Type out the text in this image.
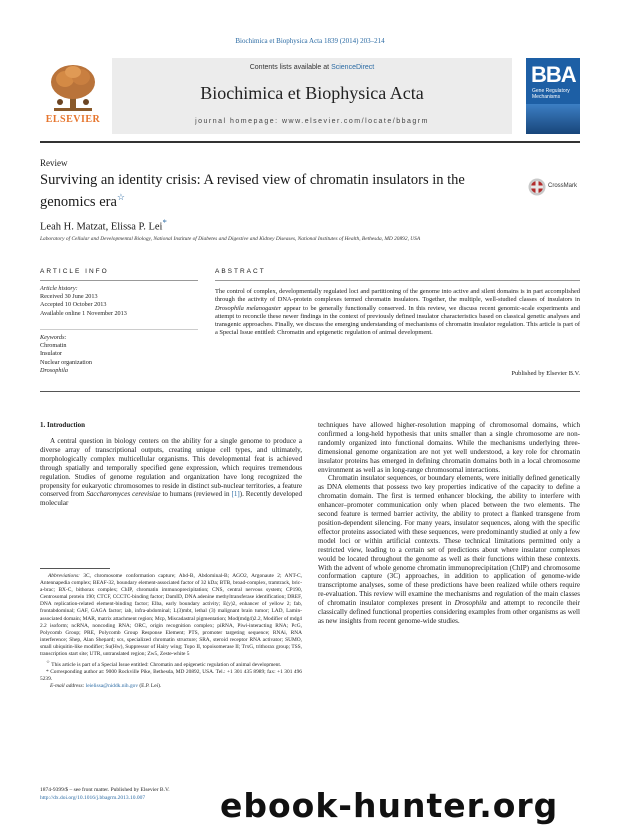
Biochimica et Biophysica Acta 1839 (2014) 203–214
ELSEVIER
Contents lists available at ScienceDirect
Biochimica et Biophysica Acta
journal homepage: www.elsevier.com/locate/bbagrm
BBA
Gene Regulatory Mechanisms
Review
Surviving an identity crisis: A revised view of chromatin insulators in the
genomics era☆
CrossMark
Leah H. Matzat, Elissa P. Lei*
Laboratory of Cellular and Developmental Biology, National Institute of Diabetes and Digestive and Kidney Diseases, National Institutes of Health, Bethesda, MD 20892, USA
ARTICLE INFO
Article history:
Received 30 June 2013
Accepted 10 October 2013
Available online 1 November 2013
Keywords:
Chromatin
Insulator
Nuclear organization
Drosophila
ABSTRACT
The control of complex, developmentally regulated loci and partitioning of the genome into active and silent domains is in part accomplished through the activity of DNA-protein complexes termed chromatin insulators. Together, the multiple, well-studied classes of insulators in Drosophila melanogaster appear to be generally functionally conserved. In this review, we discuss recent genomic-scale experiments and attempt to reconcile these newer findings in the context of previously defined insulator characteristics based on classical genetic analyses and transgenic approaches. Finally, we discuss the emerging understanding of mechanisms of chromatin insulator regulation. This article is part of a Special Issue entitled: Chromatin and epigenetic regulation of animal development.
Published by Elsevier B.V.
1. Introduction

A central question in biology centers on the ability for a single genome to produce a diverse array of transcriptional outputs, creating unique cell types, and ultimately, morphologically complex multicellular organisms. This developmental feat is achieved through spatially and temporally specified gene expression, which requires tremendous regulation. Studies of genome regulation and organization have long recognized the propensity for eukaryotic chromosomes to reside in distinct sub-nuclear territories, a feature conserved from Saccharomyces cerevisiae to humans (reviewed in [1]). Recently developed molecular

Abbreviations: 3C, chromosome conformation capture; Abd-B, Abdominal-B; AGO2, Argonaute 2; ANT-C, Antennapedia complex; BEAF-32, boundary element-associated factor of 32 kDa; BTB, broad-complex, tramtrack, bric-a-brac; BX-C, bithorax complex; ChIP, chromatin immunoprecipitation; CNS, central nervous system; CP190, Centrosomal protein 190; CTCF, CCCTC-binding factor; DamID, DNA adenine methyltransferase identification; DREF, DNA replication-related element-binding factor; Elba, early boundary activity; E(y)2, enhancer of yellow 2; fab, frontabdominal; GAF, GAGA factor; iab, infra-abdominal; L(3)mbt, lethal (3) malignant brain tumor; LAD, Lamin-associated domain; MAR, matrix attachment region; Mcp, Miscadastral pigmentation; Mod(mdg4)2.2, Modifier of mdg4 2.2 isoform; ncRNA, noncoding RNA; ORC, origin recognition complex; piRNA, Piwi-interacting RNA; PcG, Polycomb Group; PRE, Polycomb Group Response Element; PTS, promoter targeting sequence; RNAi, RNA interference; Shep, Alan Shepard; scs, specialized chromatin structure; SRA, steroid receptor RNA activator; SUMO, small ubiquitin-like modifier; Su(Hw), Suppressor of Hairy wing; Topo II, topoisomerase II; TrxG, trithorax group; TSS, transcription start site; UTR, untranslated region; Zw5, Zeste-white 5

☆ This article is part of a Special Issue entitled: Chromatin and epigenetic regulation of animal development.

* Corresponding author at: 9000 Rockville Pike, Bethesda, MD 20892, USA. Tel.: +1 301 435 8989; fax: +1 301 496 5239.

E-mail address: leielissa@niddk.nih.gov (E.P. Lei).

1874-9399/$ – see front matter. Published by Elsevier B.V.
http://dx.doi.org/10.1016/j.bbagrm.2013.10.007

techniques have allowed higher-resolution mapping of chromosomal domains, which confirmed a long-held hypothesis that units smaller than a single chromosome are non-randomly organized into functional domains. While the mechanisms underlying three-dimensional genome organization are not yet well understood, a key role for chromatin insulator proteins has emerged in defining chromatin domains both in a local chromosome environment as well as in long-range chromosomal interactions.

Chromatin insulator sequences, or boundary elements, were initially defined genetically as DNA elements that possess two key properties indicative of the capacity to define a chromatin domain. The first is termed enhancer blocking, the ability to interfere with enhancer–promoter communication only when placed between the two elements. The second feature is termed barrier activity, the ability to protect a flanked transgene from position-dependent silencing. For many years, insulator sequences, along with the specific effector proteins associated with these sequences, were predominantly studied at only a few model loci or within artificial contexts. These technical limitations permitted only a restricted view, leading to a certain set of predictions about where insulator complexes would be located throughout the genome as well as their functions within these contexts. With the advent of whole genome chromatin immunoprecipitation (ChIP) and chromosome conformation capture (3C) approaches, in addition to application of genome-wide transcriptome analyses, some of these predictions have been realized while others require re-evaluation. This review will examine the mechanisms and regulation of the main classes of chromatin insulator complexes present in Drosophila and attempt to reconcile their classically defined functional properties considering examples from other organisms as well as new insights from recent genome-wide studies.

ebook-hunter.org
